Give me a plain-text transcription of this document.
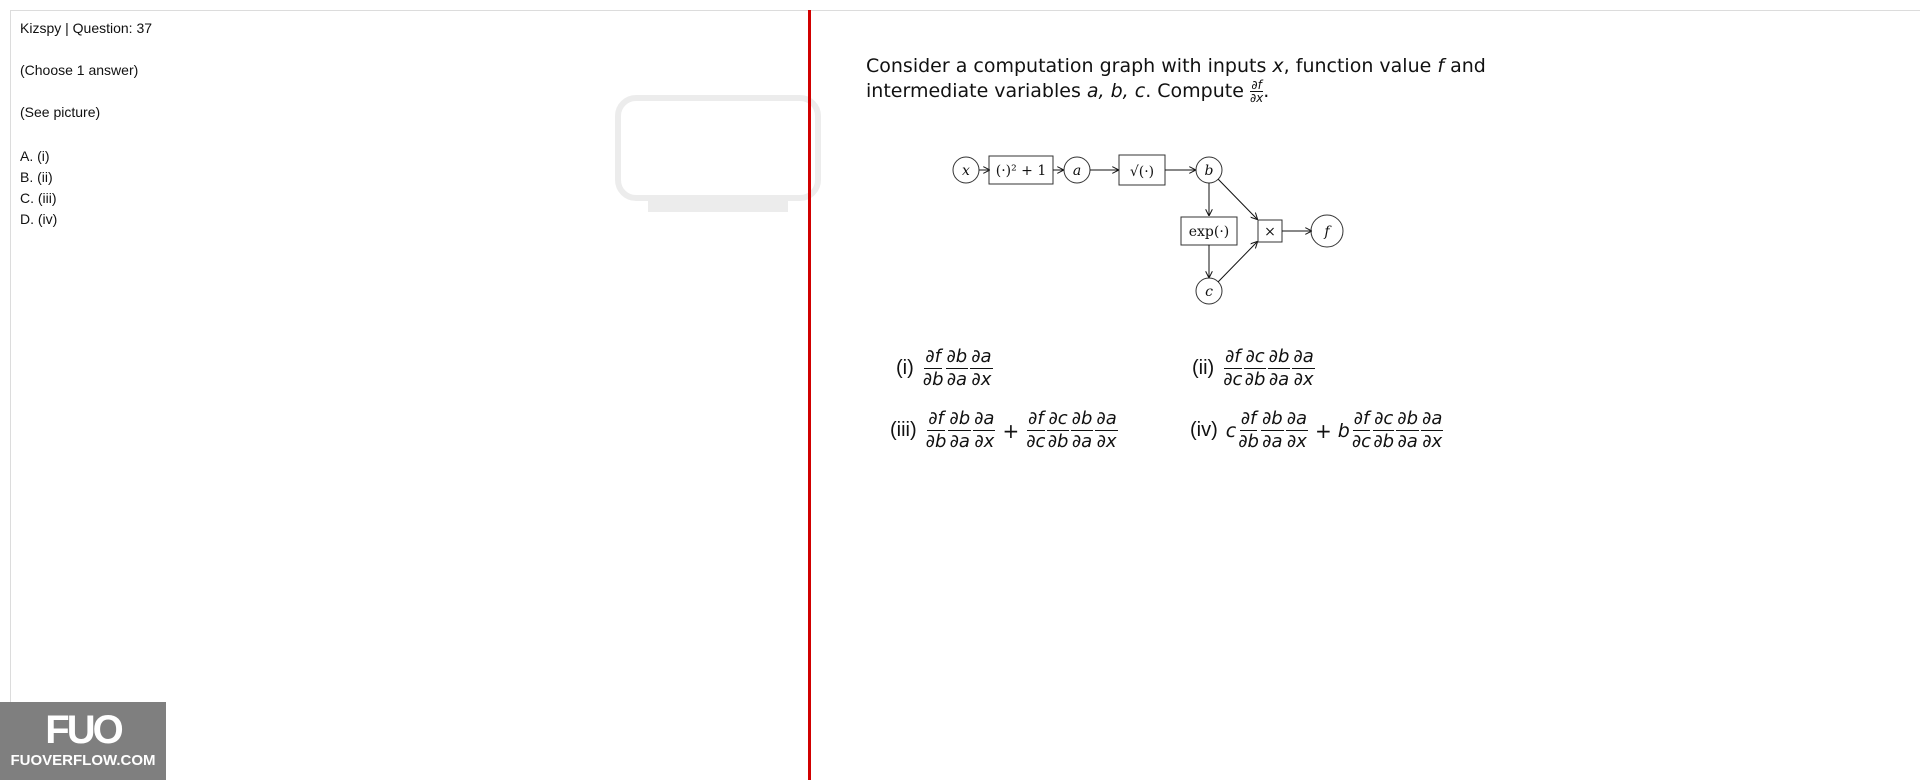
Kizspy | Question: 37
(Choose 1 answer)
(See picture)
A. (i)
B. (ii)
C. (iii)
D. (iv)
Consider a computation graph with inputs x, function value f and
intermediate variables a, b, c. Compute $\frac{\partial f}{\partial x}$ .
x (·)² + 1 a	√(·)	b
exp(·)
c
×	f
(i)
∂f
∂b
∂b
∂a
∂a
∂x
(ii)
∂f
∂c
∂c
∂b
∂b
∂a
∂a
∂x
(iii)
∂f
∂b
∂b
∂a
∂a
$\partial x + \frac{\partial f}{\partial c} \partial c$
∂b
∂b
∂a
∂a
∂x
(iv) c
∂f
∂b
∂b
∂a
∂a
∂x + b
∂f
∂c
∂c
∂b
∂b
∂a
∂a
∂x
FUO
FUOVERFLOW.COM
